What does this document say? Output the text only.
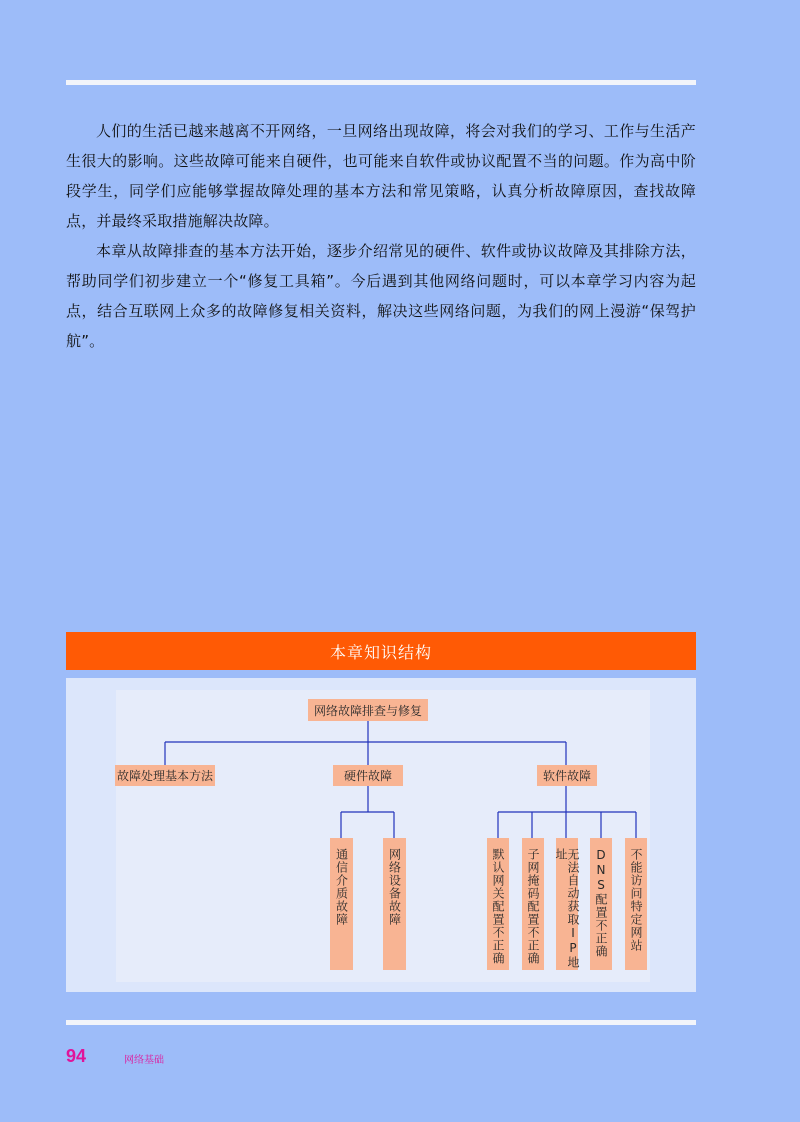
人们的生活已越来越离不开网络，一旦网络出现故障，将会对我们的学习、工作与生活产生很大的影响。这些故障可能来自硬件，也可能来自软件或协议配置不当的问题。作为高中阶段学生，同学们应能够掌握故障处理的基本方法和常见策略，认真分析故障原因，查找故障点，并最终采取措施解决故障。

本章从故障排查的基本方法开始，逐步介绍常见的硬件、软件或协议故障及其排除方法，帮助同学们初步建立一个“修复工具箱”。今后遇到其他网络问题时，可以本章学习内容为起点，结合互联网上众多的故障修复相关资料，解决这些网络问题，为我们的网上漫游“保驾护航”。

本章知识结构
网络故障排查与修复
故障处理基本方法	硬件故障	软件故障
通信介质故障	网络设备故障	默认网关配置不正确	子网掩码配置不正确	无法自动获取IP地址	DNS配置不正确	不能访问特定网站
94	网络基础
